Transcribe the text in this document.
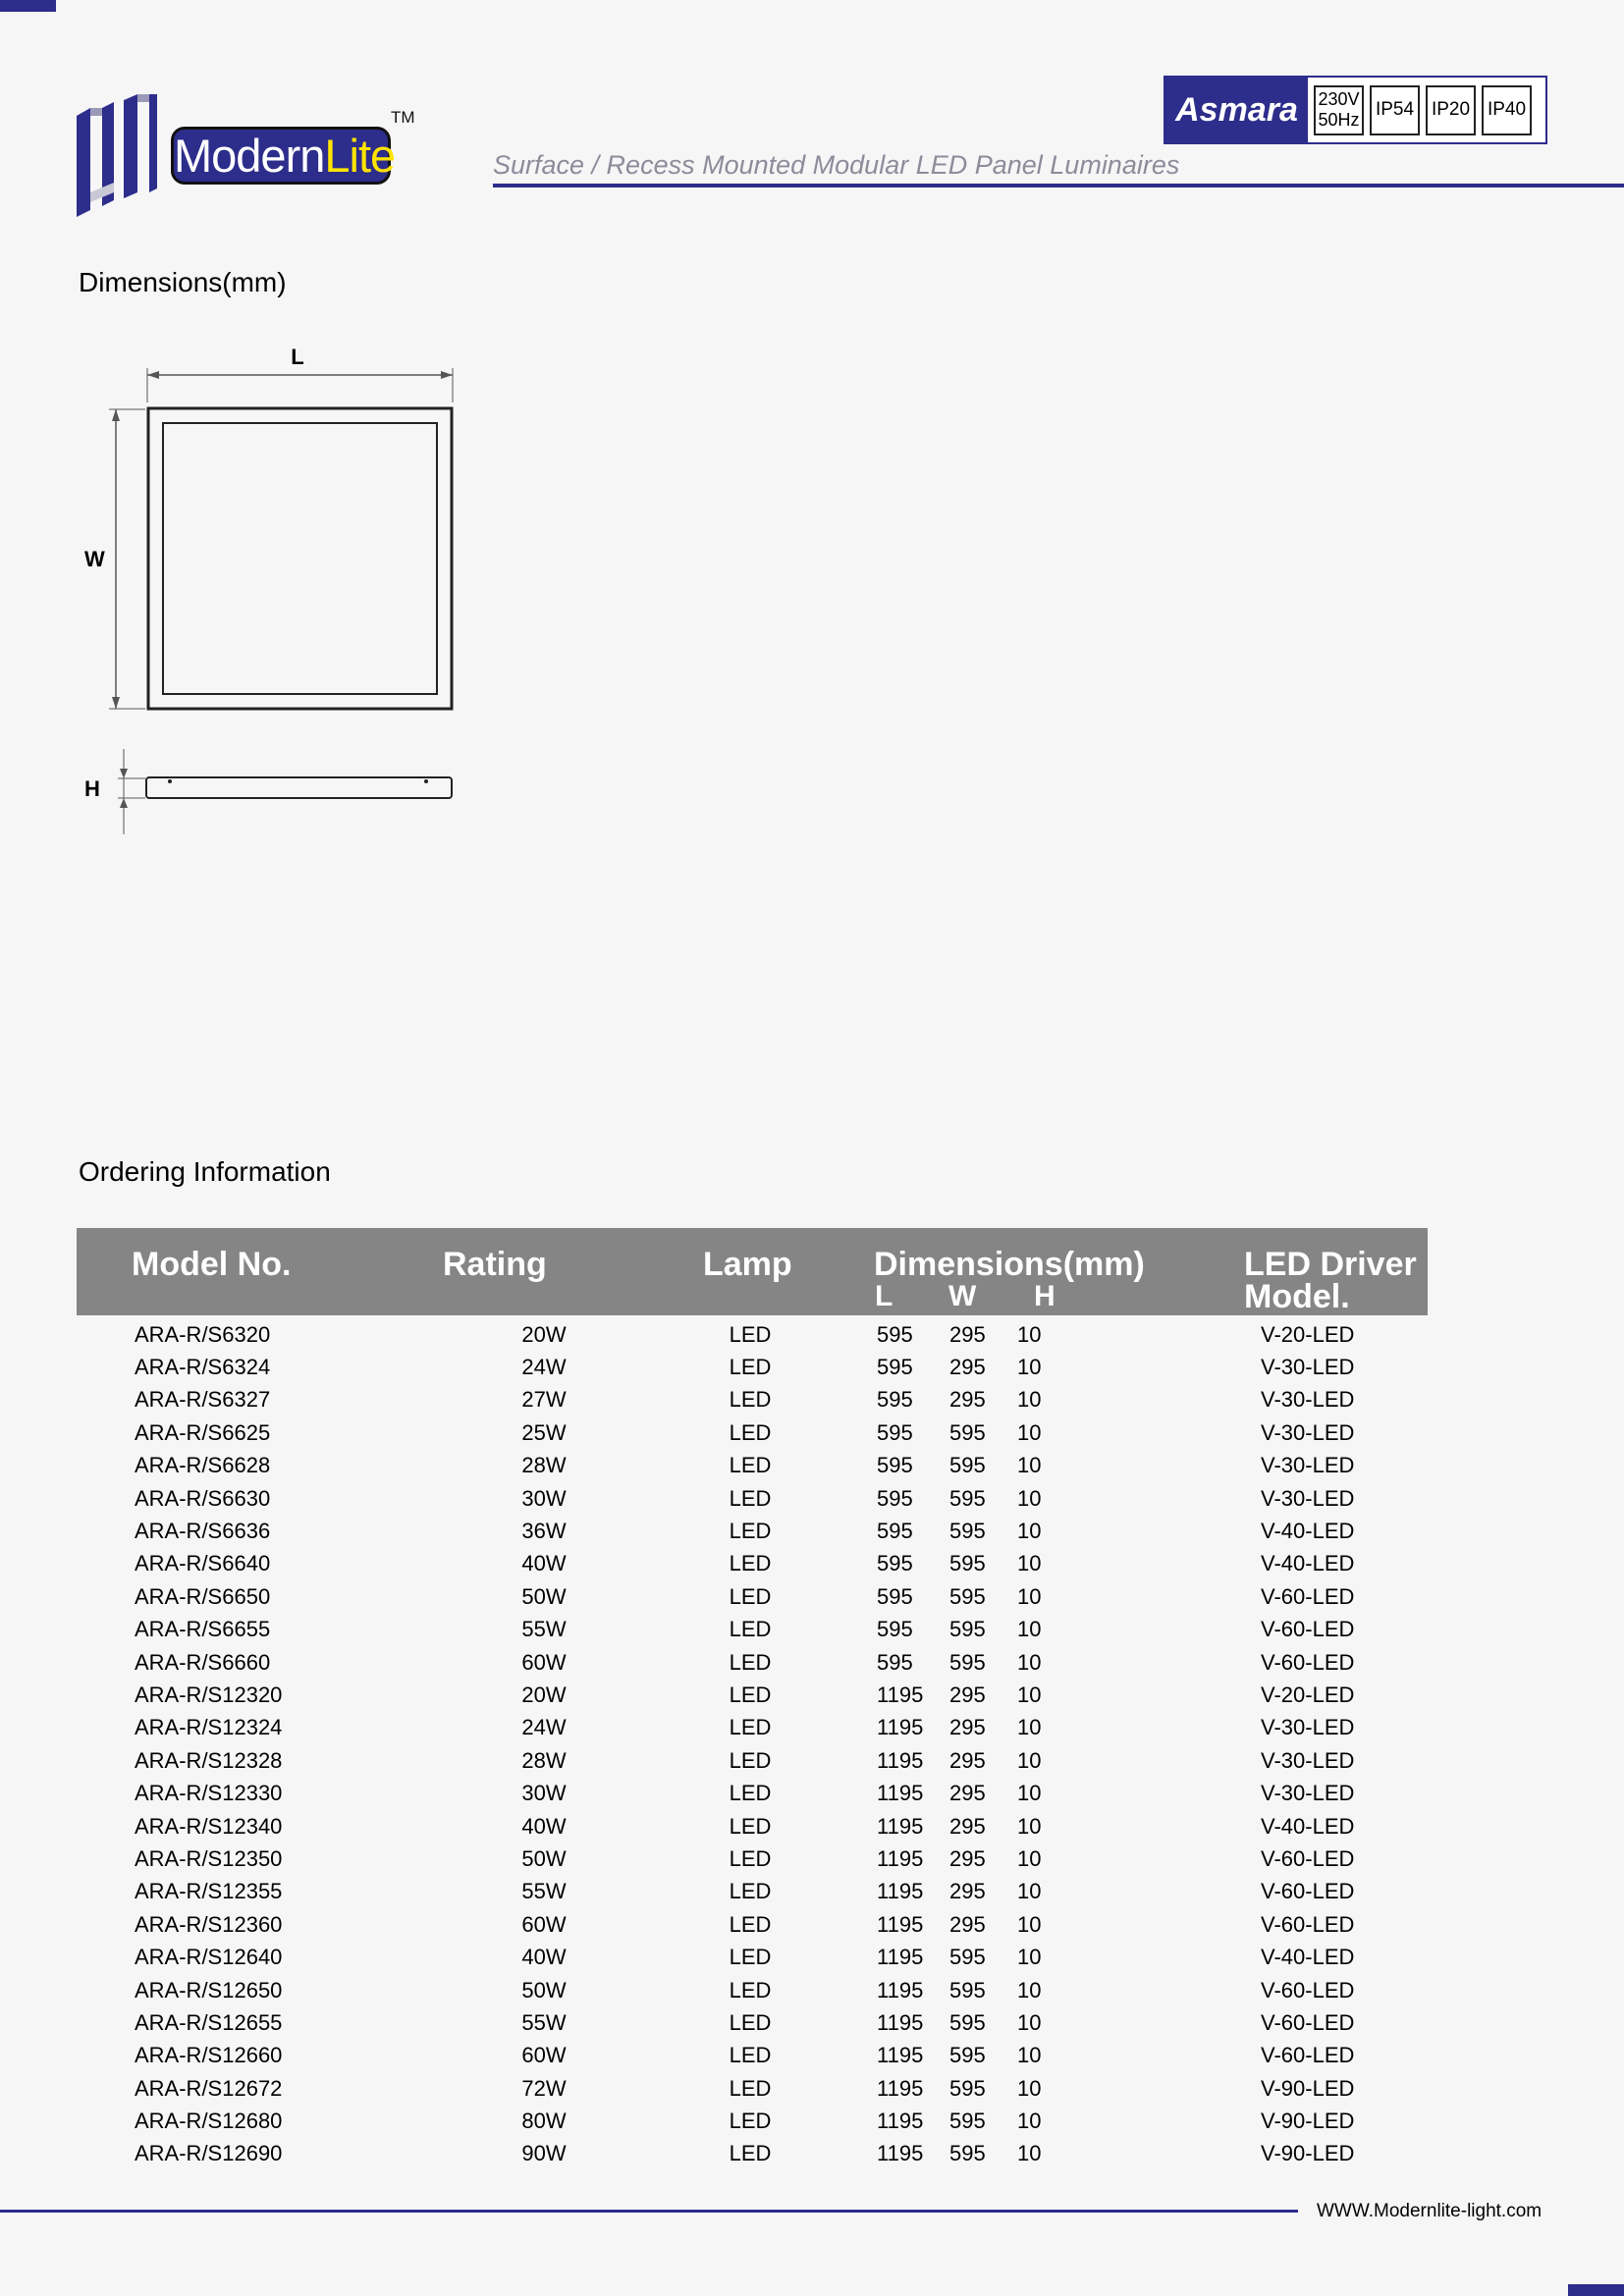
ModernLite
TM	Asmara	230V
50Hz IP54 IP20 IP40
Surface / Recess Mounted Modular LED Panel Luminaires
Dimensions(mm)
L
W
H
Ordering Information
Model No.	Rating	Lamp Dimensions(mm)
L W H
LED Driver
Model.
ARA-R/S6320	20W	LED	595	295	10	V-20-LED
ARA-R/S6324	24W	LED	595	295	10	V-30-LED
ARA-R/S6327	27W	LED	595	295	10	V-30-LED
ARA-R/S6625	25W	LED	595	595	10	V-30-LED
ARA-R/S6628	28W	LED	595	595	10	V-30-LED
ARA-R/S6630	30W	LED	595	595	10	V-30-LED
ARA-R/S6636	36W	LED	595	595	10	V-40-LED
ARA-R/S6640	40W	LED	595	595	10	V-40-LED
ARA-R/S6650	50W	LED	595	595	10	V-60-LED
ARA-R/S6655	55W	LED	595	595	10	V-60-LED
ARA-R/S6660	60W	LED	595	595	10	V-60-LED
ARA-R/S12320	20W	LED	1195	295	10	V-20-LED
ARA-R/S12324	24W	LED	1195	295	10	V-30-LED
ARA-R/S12328	28W	LED	1195	295	10	V-30-LED
ARA-R/S12330	30W	LED	1195	295	10	V-30-LED
ARA-R/S12340	40W	LED	1195	295	10	V-40-LED
ARA-R/S12350	50W	LED	1195	295	10	V-60-LED
ARA-R/S12355	55W	LED	1195	295	10	V-60-LED
ARA-R/S12360	60W	LED	1195	295	10	V-60-LED
ARA-R/S12640	40W	LED	1195	595	10	V-40-LED
ARA-R/S12650	50W	LED	1195	595	10	V-60-LED
ARA-R/S12655	55W	LED	1195	595	10	V-60-LED
ARA-R/S12660	60W	LED	1195	595	10	V-60-LED
ARA-R/S12672	72W	LED	1195	595	10	V-90-LED
ARA-R/S12680	80W	LED	1195	595	10	V-90-LED
ARA-R/S12690	90W	LED	1195	595	10	V-90-LED
WWW.Modernlite-light.com
